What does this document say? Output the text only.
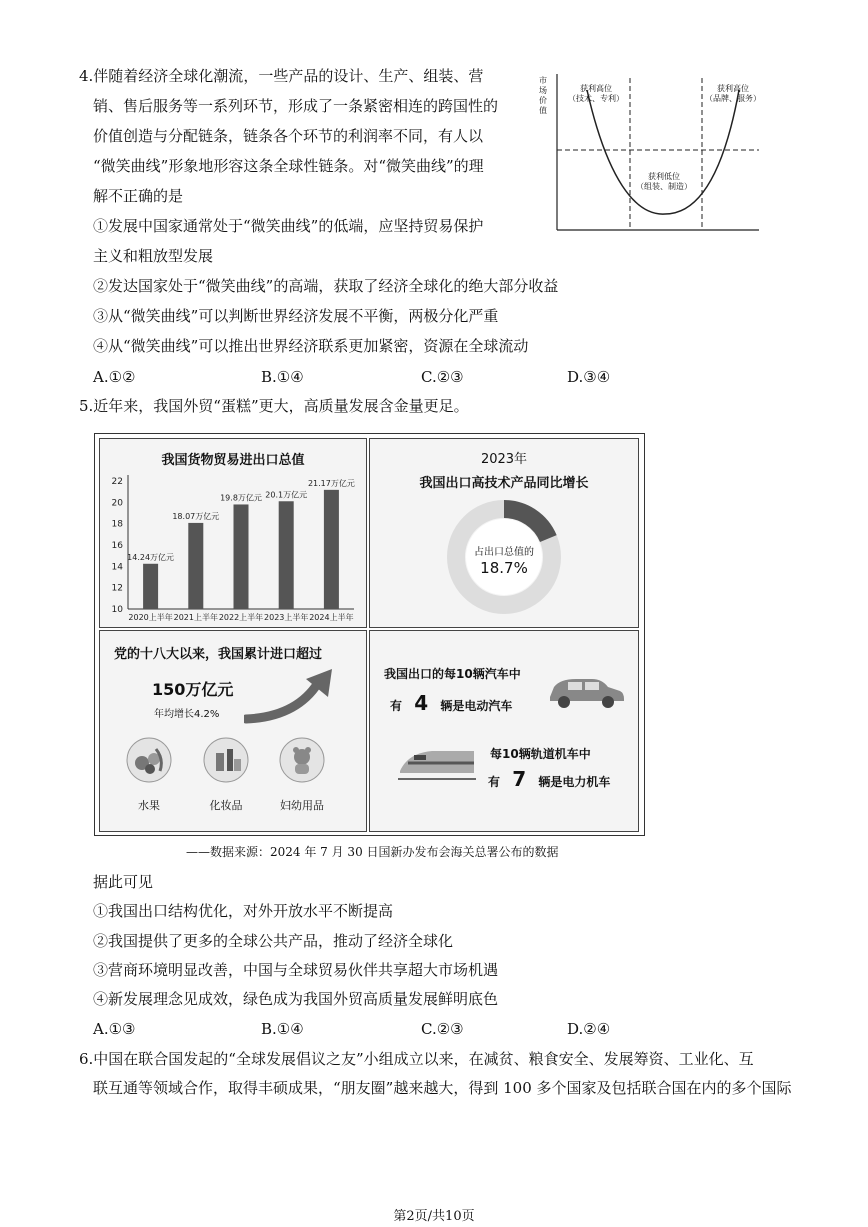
4.伴随着经济全球化潮流，一些产品的设计、生产、组装、营
销、售后服务等一系列环节，形成了一条紧密相连的跨国性的
价值创造与分配链条，链条各个环节的利润率不同，有人以
“微笑曲线”形象地形容这条全球性链条。对“微笑曲线”的理
解不正确的是
①发展中国家通常处于“微笑曲线”的低端，应坚持贸易保护
主义和粗放型发展
②发达国家处于“微笑曲线”的高端，获取了经济全球化的绝大部分收益
③从“微笑曲线”可以判断世界经济发展不平衡，两极分化严重
④从“微笑曲线”可以推出世界经济联系更加紧密，资源在全球流动
A.①②	B.①④	C.②③	D.③④
市
场
价
值
获利高位
（技术、专利）
获利高位
（品牌、服务）
获利低位
（组装、制造）
5.近年来，我国外贸“蛋糕”更大，高质量发展含金量更足。
我国货物贸易进出口总值
10
12
14
16
18
20
22
14.24万亿元
2020上半年
18.07万亿元
2021上半年
19.8万亿元
2022上半年
20.1万亿元
2023上半年
21.17万亿元
2024上半年
2023年
我国出口高技术产品同比增长
占出口总值的
18.7%
党的十八大以来，我国累计进口超过
150万亿元
年均增长4.2%
水果	化妆品	妇幼用品
我国出口的每10辆汽车中
有 4 辆是电动汽车
每10辆轨道机车中
有 7 辆是电力机车
——数据来源：2024 年 7 月 30 日国新办发布会海关总署公布的数据
据此可见
①我国出口结构优化，对外开放水平不断提高
②我国提供了更多的全球公共产品，推动了经济全球化
③营商环境明显改善，中国与全球贸易伙伴共享超大市场机遇
④新发展理念见成效，绿色成为我国外贸高质量发展鲜明底色
A.①③	B.①④	C.②③	D.②④
6.中国在联合国发起的“全球发展倡议之友”小组成立以来，在减贫、粮食安全、发展筹资、工业化、互
联互通等领域合作，取得丰硕成果，“朋友圈”越来越大，得到 100 多个国家及包括联合国在内的多个国际
第2页/共10页
